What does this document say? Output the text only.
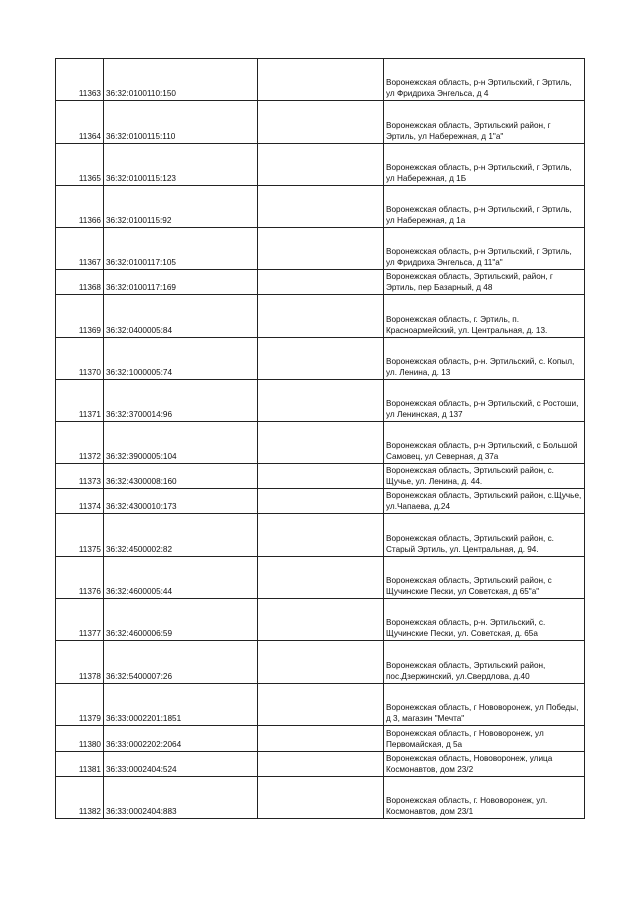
11363	36:32:0100110:150		Воронежская область, р-н Эртильский, г Эртиль, ул Фридриха Энгельса, д 4
11364	36:32:0100115:110		Воронежская область, Эртильский район, г Эртиль, ул Набережная, д 1"а"
11365	36:32:0100115:123		Воронежская область, р-н Эртильский, г Эртиль, ул Набережная, д 1Б
11366	36:32:0100115:92		Воронежская область, р-н Эртильский, г Эртиль, ул Набережная, д 1а
11367	36:32:0100117:105		Воронежская область, р-н Эртильский, г Эртиль, ул Фридриха Энгельса, д 11"а"
11368	36:32:0100117:169		Воронежская область, Эртильский, район, г Эртиль, пер Базарный, д 48
11369	36:32:0400005:84		Воронежская область, г. Эртиль, п. Красноармейский, ул. Центральная, д. 13.
11370	36:32:1000005:74		Воронежская область, р-н. Эртильский, с. Копыл, ул. Ленина, д. 13
11371	36:32:3700014:96		Воронежская область, р-н Эртильский, с Ростоши, ул Ленинская, д 137
11372	36:32:3900005:104		Воронежская область, р-н Эртильский, с Большой Самовец, ул Северная, д 37а
11373	36:32:4300008:160		Воронежская область, Эртильский район, с. Щучье, ул. Ленина, д. 44.
11374	36:32:4300010:173		Воронежская область, Эртильский район, с.Щучье, ул.Чапаева, д.24
11375	36:32:4500002:82		Воронежская область, Эртильский район, с. Старый Эртиль, ул. Центральная, д. 94.
11376	36:32:4600005:44		Воронежская область, Эртильский район, с Щучинские Пески, ул Советская, д 65"а"
11377	36:32:4600006:59		Воронежская область, р-н. Эртильский, с. Щучинские Пески, ул. Советская, д. 65а
11378	36:32:5400007:26		Воронежская область, Эртильский район, пос.Дзержинский, ул.Свердлова, д.40
11379	36:33:0002201:1851		Воронежская область, г Нововоронеж, ул Победы, д 3, магазин "Мечта"
11380	36:33:0002202:2064		Воронежская область, г Нововоронеж, ул Первомайская, д 5а
11381	36:33:0002404:524		Воронежская область, Нововоронеж, улица Космонавтов, дом 23/2
11382	36:33:0002404:883		Воронежская область, г. Нововоронеж, ул. Космонавтов, дом 23/1
